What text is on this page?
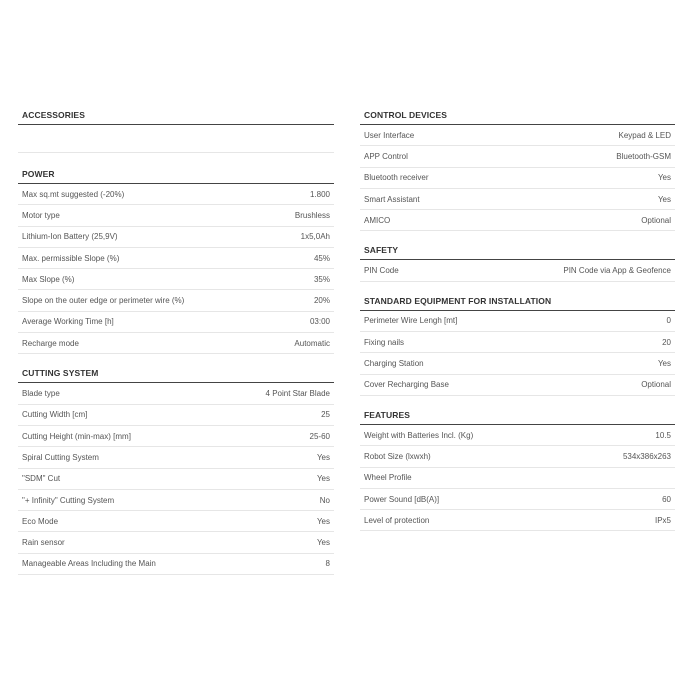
ACCESSORIES
POWER
Max sq.mt suggested (-20%)	1.800
Motor type	Brushless
Lithium-Ion Battery (25,9V)	1x5,0Ah
Max. permissible Slope (%)	45%
Max Slope (%)	35%
Slope on the outer edge or perimeter wire (%)	20%
Average Working Time [h]	03:00
Recharge mode	Automatic
CUTTING SYSTEM
Blade type	4 Point Star Blade
Cutting Width [cm]	25
Cutting Height (min-max) [mm]	25-60
Spiral Cutting System	Yes
"SDM" Cut	Yes
"+ Infinity" Cutting System	No
Eco Mode	Yes
Rain sensor	Yes
Manageable Areas Including the Main	8
CONTROL DEVICES
User Interface	Keypad & LED
APP Control	Bluetooth-GSM
Bluetooth receiver	Yes
Smart Assistant	Yes
AMICO	Optional
SAFETY
PIN Code	PIN Code via App & Geofence
STANDARD EQUIPMENT FOR INSTALLATION
Perimeter Wire Lengh [mt]	0
Fixing nails	20
Charging Station	Yes
Cover Recharging Base	Optional
FEATURES
Weight with Batteries Incl. (Kg)	10.5
Robot Size (lxwxh)	534x386x263
Wheel Profile
Power Sound [dB(A)]	60
Level of protection	IPx5
